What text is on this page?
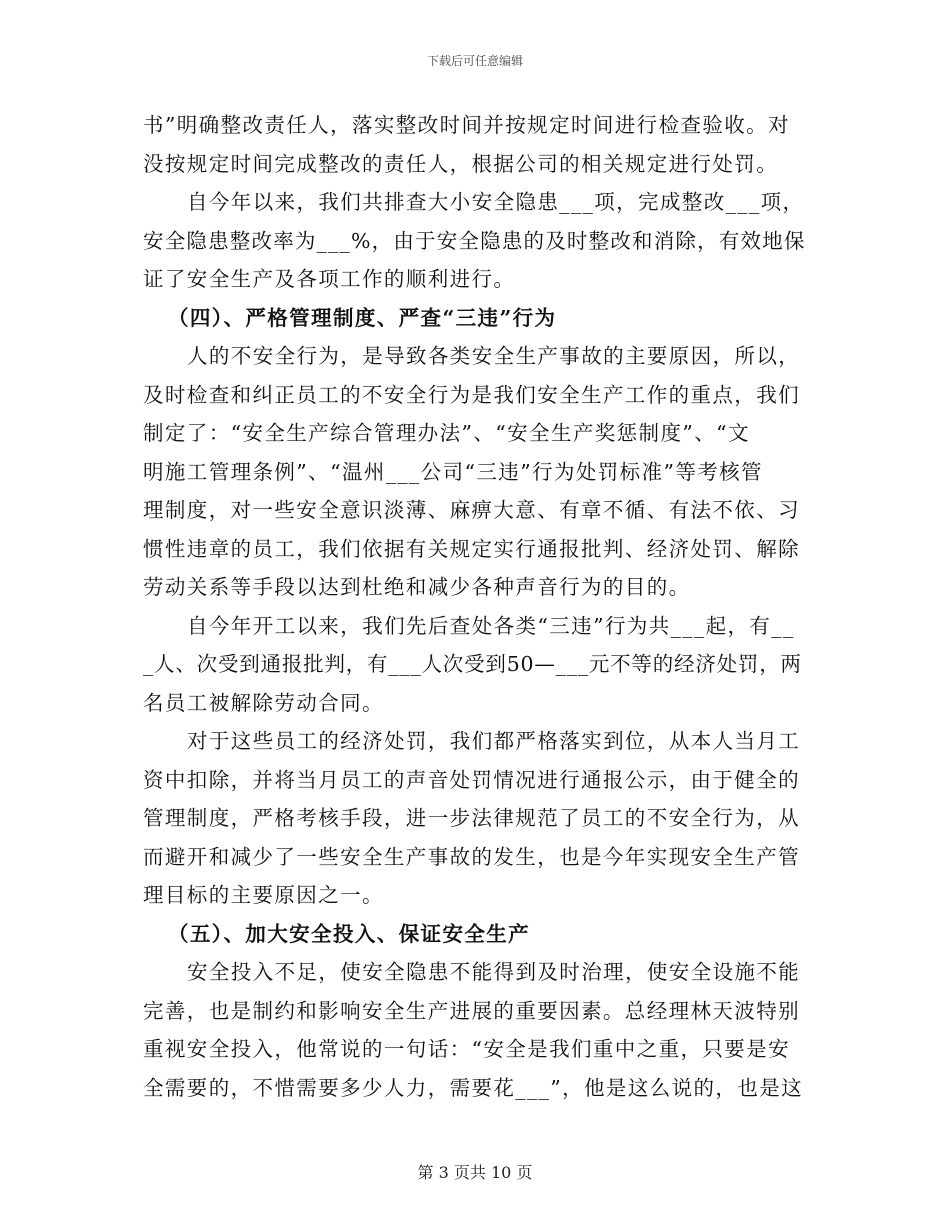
下载后可任意编辑
书”明确整改责任人，落实整改时间并按规定时间进行检查验收。对
没按规定时间完成整改的责任人，根据公司的相关规定进行处罚。
自今年以来，我们共排查大小安全隐患___项，完成整改___项，
安全隐患整改率为___%，由于安全隐患的及时整改和消除，有效地保
证了安全生产及各项工作的顺利进行。
（四）、严格管理制度、严查“三违”行为
人的不安全行为，是导致各类安全生产事故的主要原因，所以，
及时检查和纠正员工的不安全行为是我们安全生产工作的重点，我们
制定了：“安全生产综合管理办法”、“安全生产奖惩制度”、“文
明施工管理条例”、“温州___公司“三违”行为处罚标准”等考核管
理制度，对一些安全意识淡薄、麻痹大意、有章不循、有法不依、习
惯性违章的员工，我们依据有关规定实行通报批判、经济处罚、解除
劳动关系等手段以达到杜绝和减少各种声音行为的目的。
自今年开工以来，我们先后查处各类“三违”行为共___起，有__
_人、次受到通报批判，有___人次受到50—___元不等的经济处罚，两
名员工被解除劳动合同。
对于这些员工的经济处罚，我们都严格落实到位，从本人当月工
资中扣除，并将当月员工的声音处罚情况进行通报公示，由于健全的
管理制度，严格考核手段，进一步法律规范了员工的不安全行为，从
而避开和减少了一些安全生产事故的发生，也是今年实现安全生产管
理目标的主要原因之一。
（五）、加大安全投入、保证安全生产
安全投入不足，使安全隐患不能得到及时治理，使安全设施不能
完善，也是制约和影响安全生产进展的重要因素。总经理林天波特别
重视安全投入，他常说的一句话：“安全是我们重中之重，只要是安
全需要的，不惜需要多少人力，需要花___”，他是这么说的，也是这
第 3 页共 10 页
